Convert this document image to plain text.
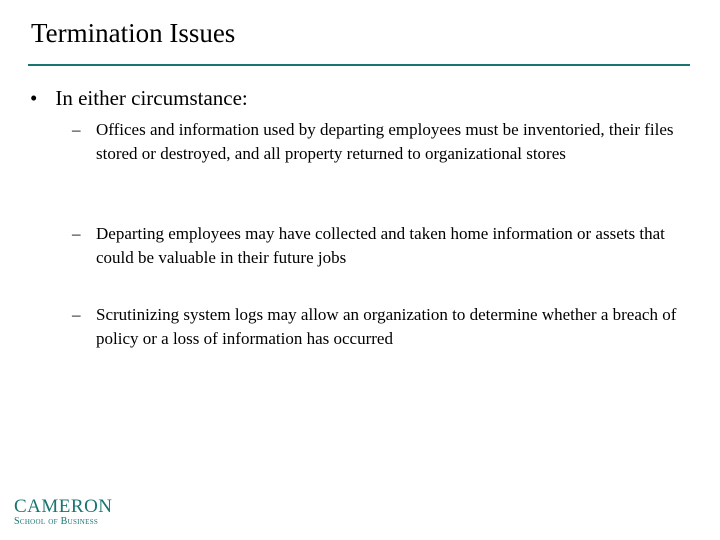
Termination Issues
• In either circumstance:
– Offices and information used by departing employees must be inventoried, their files stored or destroyed, and all property returned to organizational stores
– Departing employees may have collected and taken home information or assets that could be valuable in their future jobs
– Scrutinizing system logs may allow an organization to determine whether a breach of policy or a loss of information has occurred
CAMERON
School of Business
